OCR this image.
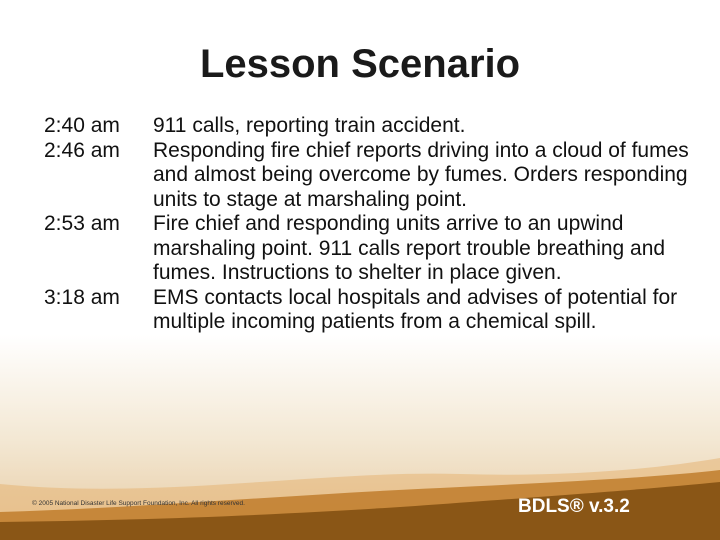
Lesson Scenario
2:40 am	911 calls, reporting train accident.
2:46 am	Responding fire chief reports driving into a cloud of fumes and almost being overcome by fumes. Orders responding units to stage at marshaling point.
2:53 am	Fire chief and responding units arrive to an upwind marshaling point. 911 calls report trouble breathing and fumes. Instructions to shelter in place given.
3:18 am	EMS contacts local hospitals and advises of potential for multiple incoming patients from a chemical spill.
© 2005 National Disaster Life Support Foundation, Inc. All rights reserved.	BDLS® v.3.2
